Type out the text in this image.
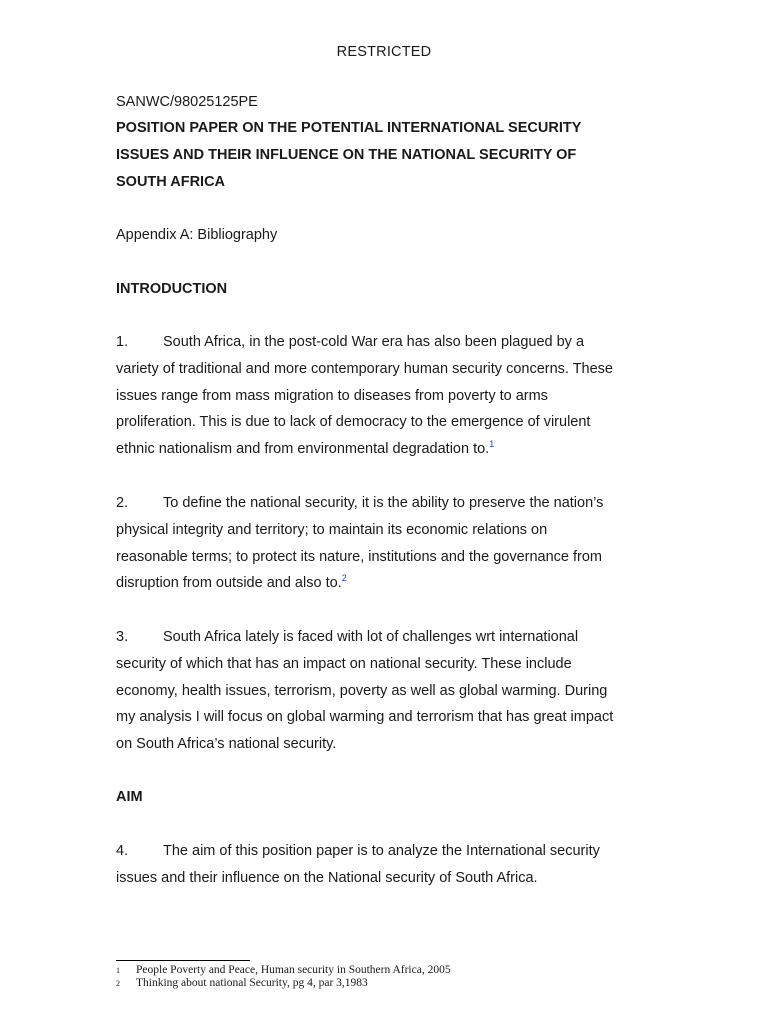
RESTRICTED
SANWC/98025125PE
POSITION PAPER ON THE POTENTIAL INTERNATIONAL SECURITY
ISSUES AND THEIR INFLUENCE ON THE NATIONAL SECURITY OF
SOUTH AFRICA
Appendix A: Bibliography
INTRODUCTION
1. South Africa, in the post-cold War era has also been plagued by a
variety of traditional and more contemporary human security concerns. These
issues range from mass migration to diseases from poverty to arms
proliferation. This is due to lack of democracy to the emergence of virulent
ethnic nationalism and from environmental degradation to.$^1$
2. To define the national security, it is the ability to preserve the nation’s
physical integrity and territory; to maintain its economic relations on
reasonable terms; to protect its nature, institutions and the governance from
disruption from outside and also to.$^2$
3. South Africa lately is faced with lot of challenges wrt international
security of which that has an impact on national security. These include
economy, health issues, terrorism, poverty as well as global warming. During
my analysis I will focus on global warming and terrorism that has great impact
on South Africa’s national security.
AIM
4. The aim of this position paper is to analyze the International security
issues and their influence on the National security of South Africa.
1	People Poverty and Peace, Human security in Southern Africa, 2005
2	Thinking about national Security, pg 4, par 3,1983
